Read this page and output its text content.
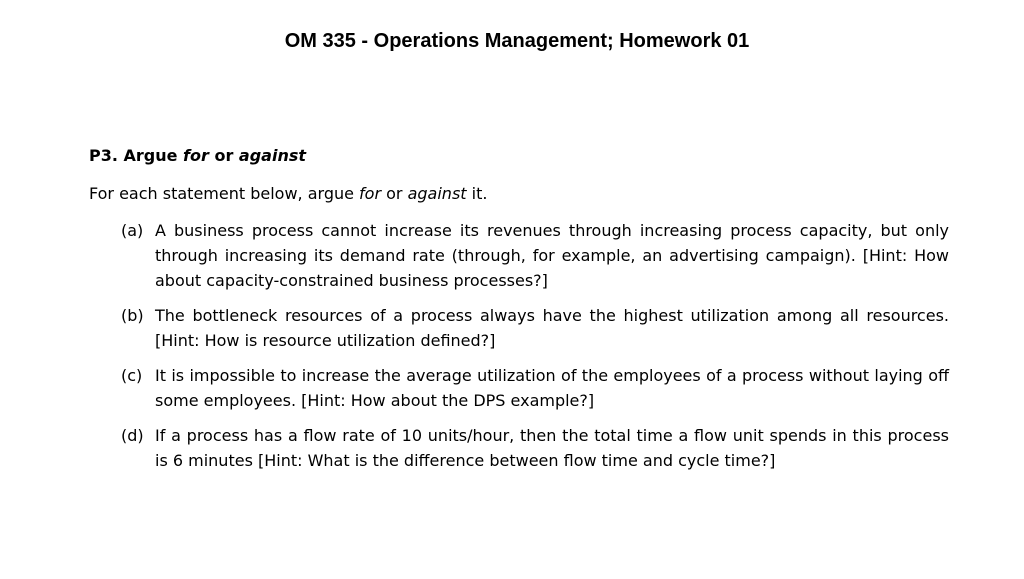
OM 335 - Operations Management; Homework 01
P3. Argue for or against
For each statement below, argue for or against it.
(a) A business process cannot increase its revenues through increasing process capacity, but only through increasing its demand rate (through, for example, an advertising campaign). [Hint: How about capacity-constrained business processes?]
(b) The bottleneck resources of a process always have the highest utilization among all resources. [Hint: How is resource utilization defined?]
(c) It is impossible to increase the average utilization of the employees of a process without laying off some employees. [Hint: How about the DPS example?]
(d) If a process has a flow rate of 10 units/hour, then the total time a flow unit spends in this process is 6 minutes [Hint: What is the difference between flow time and cycle time?]
